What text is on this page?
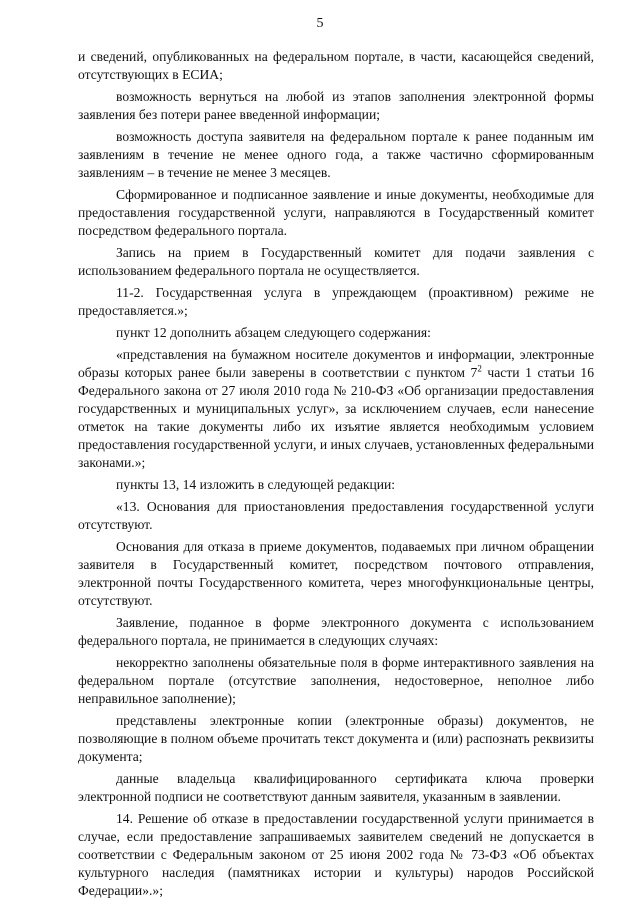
5

и сведений, опубликованных на федеральном портале, в части, касающейся сведений, отсутствующих в ЕСИА;

возможность вернуться на любой из этапов заполнения электронной формы заявления без потери ранее введенной информации;

возможность доступа заявителя на федеральном портале к ранее поданным им заявлениям в течение не менее одного года, а также частично сформированным заявлениям – в течение не менее 3 месяцев.

Сформированное и подписанное заявление и иные документы, необходимые для предоставления государственной услуги, направляются в Государственный комитет посредством федерального портала.

Запись на прием в Государственный комитет для подачи заявления с использованием федерального портала не осуществляется.

11-2. Государственная услуга в упреждающем (проактивном) режиме не предоставляется.»;

пункт 12 дополнить абзацем следующего содержания:

«представления на бумажном носителе документов и информации, электронные образы которых ранее были заверены в соответствии с пунктом $7^2$ части 1 статьи 16 Федерального закона от 27 июля 2010 года № 210-ФЗ «Об организации предоставления государственных и муниципальных услуг», за исключением случаев, если нанесение отметок на такие документы либо их изъятие является необходимым условием предоставления государственной услуги, и иных случаев, установленных федеральными законами.»;

пункты 13, 14 изложить в следующей редакции:

«13. Основания для приостановления предоставления государственной услуги отсутствуют.

Основания для отказа в приеме документов, подаваемых при личном обращении заявителя в Государственный комитет, посредством почтового отправления, электронной почты Государственного комитета, через многофункциональные центры, отсутствуют.

Заявление, поданное в форме электронного документа с использованием федерального портала, не принимается в следующих случаях:

некорректно заполнены обязательные поля в форме интерактивного заявления на федеральном портале (отсутствие заполнения, недостоверное, неполное либо неправильное заполнение);

представлены электронные копии (электронные образы) документов, не позволяющие в полном объеме прочитать текст документа и (или) распознать реквизиты документа;

данные владельца квалифицированного сертификата ключа проверки электронной подписи не соответствуют данным заявителя, указанным в заявлении.

14. Решение об отказе в предоставлении государственной услуги принимается в случае, если предоставление запрашиваемых заявителем сведений не допускается в соответствии с Федеральным законом от 25 июня 2002 года № 73-ФЗ «Об объектах культурного наследия (памятниках истории и культуры) народов Российской Федерации».»;
